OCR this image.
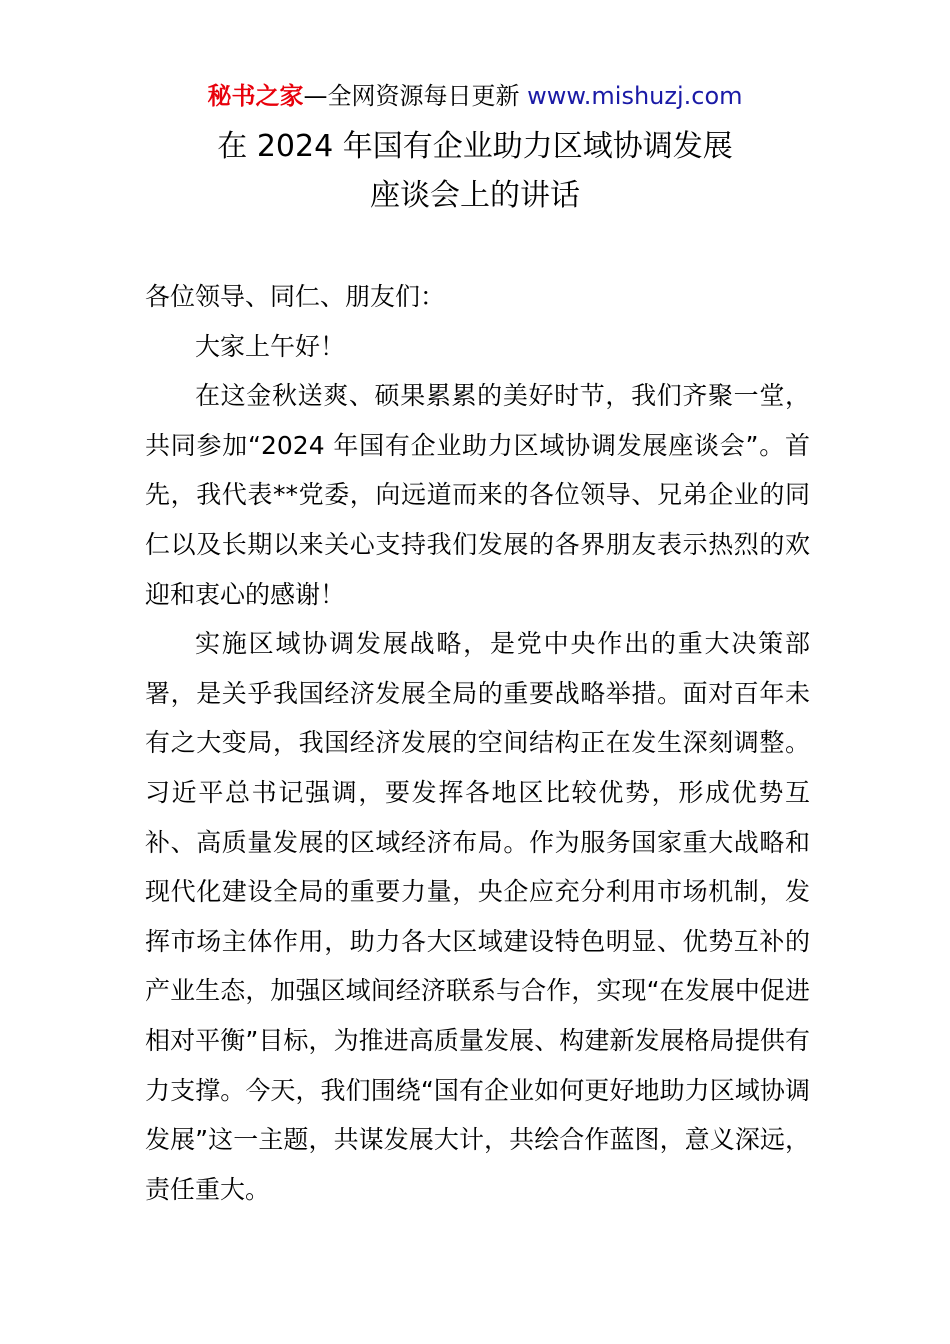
秘书之家—全网资源每日更新 www.mishuzj.com
在 2024 年国有企业助力区域协调发展
座谈会上的讲话

各位领导、同仁、朋友们：

大家上午好！

在这金秋送爽、硕果累累的美好时节，我们齐聚一堂，共同参加“2024 年国有企业助力区域协调发展座谈会”。首先，我代表**党委，向远道而来的各位领导、兄弟企业的同仁以及长期以来关心支持我们发展的各界朋友表示热烈的欢迎和衷心的感谢！

实施区域协调发展战略，是党中央作出的重大决策部署，是关乎我国经济发展全局的重要战略举措。面对百年未有之大变局，我国经济发展的空间结构正在发生深刻调整。习近平总书记强调，要发挥各地区比较优势，形成优势互补、高质量发展的区域经济布局。作为服务国家重大战略和现代化建设全局的重要力量，央企应充分利用市场机制，发挥市场主体作用，助力各大区域建设特色明显、优势互补的产业生态，加强区域间经济联系与合作，实现“在发展中促进相对平衡”目标，为推进高质量发展、构建新发展格局提供有力支撑。今天，我们围绕“国有企业如何更好地助力区域协调发展”这一主题，共谋发展大计，共绘合作蓝图，意义深远，责任重大。
